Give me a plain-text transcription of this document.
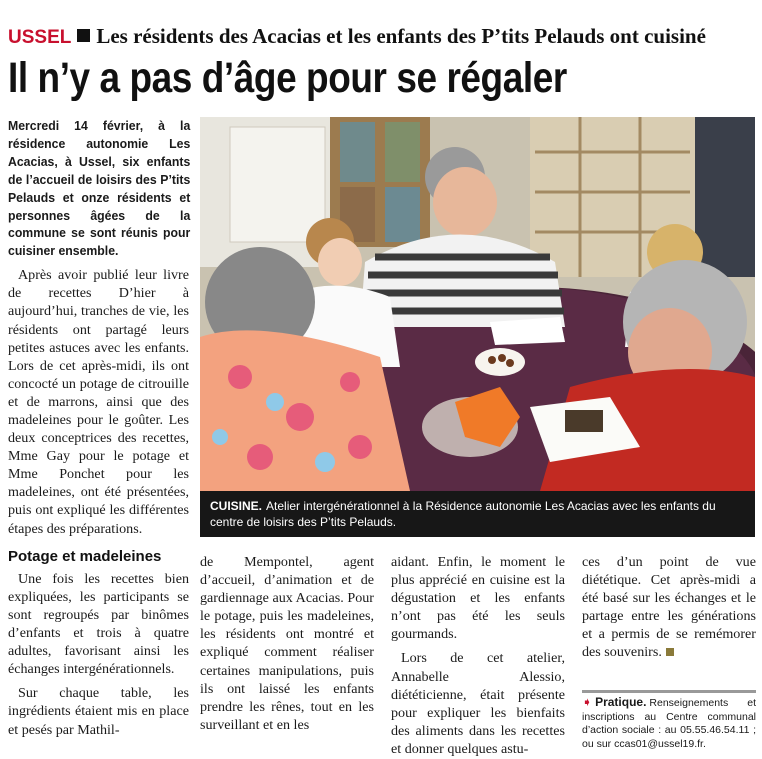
USSEL Les résidents des Acacias et les enfants des P’tits Pelauds ont cuisiné
Il n’y a pas d’âge pour se régaler
Mercredi 14 février, à la résidence autonomie Les Acacias, à Ussel, six enfants de l’accueil de loisirs des P’tits Pelauds et onze résidents et personnes âgées de la commune se sont réunis pour cuisiner ensemble.

Après avoir publié leur livre de recettes D’hier à aujourd’hui, tranches de vie, les résidents ont partagé leurs petites astuces avec les enfants. Lors de cet après-midi, ils ont concocté un potage de citrouille et de marrons, ainsi que des madeleines pour le goûter. Les deux conceptrices des recettes, Mme Gay pour le potage et Mme Ponchet pour les madeleines, ont été présentées, puis ont expliqué les différentes étapes des préparations.

Potage et madeleines

Une fois les recettes bien expliquées, les participants se sont regroupés par binômes d’enfants et trois à quatre adultes, favorisant ainsi les échanges intergénérationnels.

Sur chaque table, les ingrédients étaient mis en place et pesés par Mathil-

CUISINE. Atelier intergénérationnel à la Résidence autonomie Les Acacias avec les enfants du centre de loisirs des P’tits Pelauds.

de Mempontel, agent d’accueil, d’animation et de gardiennage aux Acacias. Pour le potage, puis les madeleines, les résidents ont montré et expliqué comment réaliser certaines manipulations, puis ils ont laissé les enfants prendre les rênes, tout en les surveillant et en les

aidant. Enfin, le moment le plus apprécié en cuisine est la dégustation et les enfants n’ont pas été les seuls gourmands.

Lors de cet atelier, Annabelle Alessio, diététicienne, était présente pour expliquer les bienfaits des aliments dans les recettes et donner quelques astu-

ces d’un point de vue diététique. Cet après-midi a été basé sur les échanges et le partage entre les générations et a permis de se remémorer des souvenirs.

➧ Pratique. Renseignements et inscriptions au Centre communal d’action sociale : au 05.55.46.54.11 ; ou sur ccas01@ussel19.fr.
